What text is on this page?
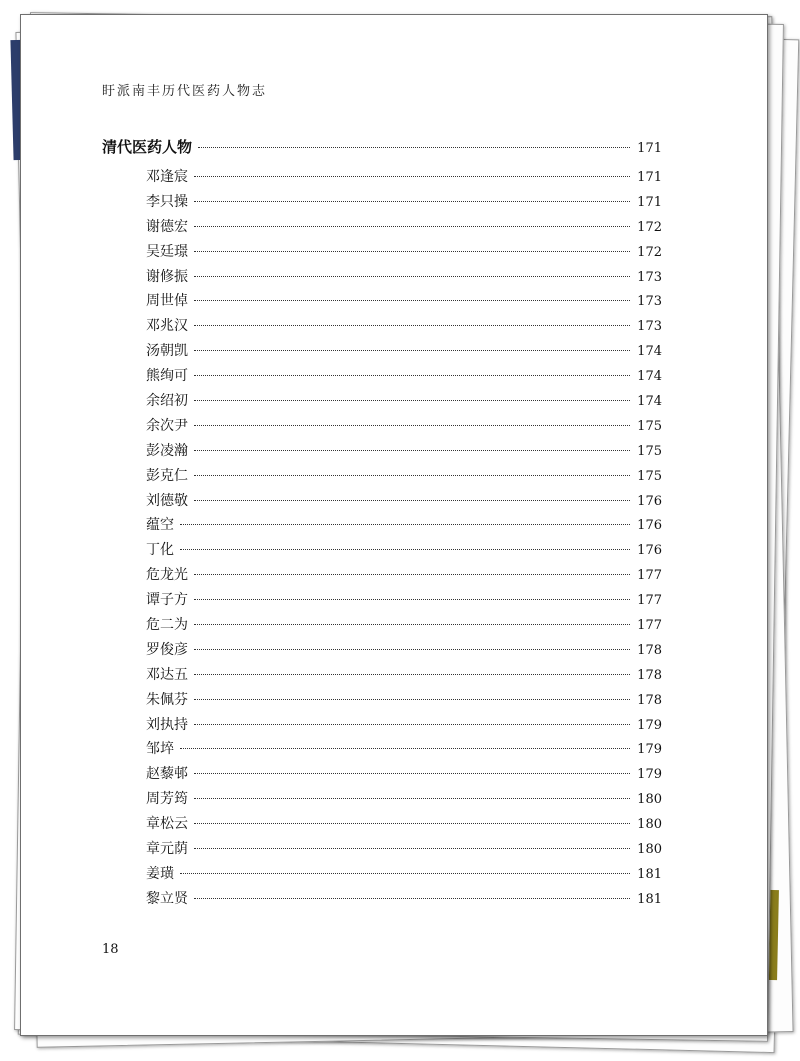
盱派南丰历代医药人物志
清代医药人物	171
邓逢宸	171
李只操	171
谢德宏	172
吴廷璟	172
谢修振	173
周世倬	173
邓兆汉	173
汤朝凯	174
熊绚可	174
余绍初	174
余次尹	175
彭凌瀚	175
彭克仁	175
刘德敬	176
蕴空	176
丁化	176
危龙光	177
谭子方	177
危二为	177
罗俊彦	178
邓达五	178
朱佩芬	178
刘执持	179
邹埣	179
赵藜邨	179
周芳筠	180
章松云	180
章元荫	180
姜璜	181
黎立贤	181
18
